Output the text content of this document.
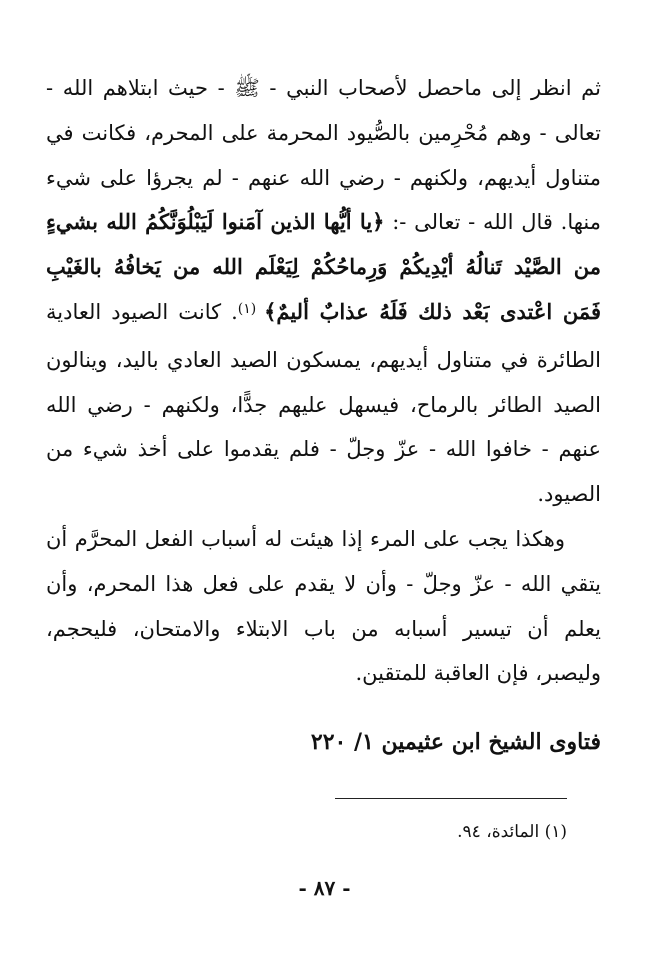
ثم انظر إلى ماحصل لأصحاب النبي - ﷺ - حيث ابتلاهم الله - تعالى - وهم مُحْرِمين بالصُّيود المحرمة على المحرم، فكانت في متناول أيديهم، ولكنهم - رضي الله عنهم - لم يجرؤا على شيء منها. قال الله - تعالى -: ﴿يا أيُّها الذين آمَنوا لَيَبْلُوَنَّكُمُ الله بشيءٍ من الصَّيْد تَنالُهُ أيْدِيكُمْ وَرِماحُكُمْ لِيَعْلَم الله من يَخافُهُ بالغَيْبِ فَمَن اعْتدى بَعْد ذلك فَلَهُ عذابٌ أليمٌ﴾ $^{(١)}$. كانت الصيود العادية الطائرة في متناول أيديهم، يمسكون الصيد العادي باليد، وينالون الصيد الطائر بالرماح، فيسهل عليهم جدًّا، ولكنهم - رضي الله عنهم - خافوا الله - عزّ وجلّ - فلم يقدموا على أخذ شيء من الصيود.

وهكذا يجب على المرء إذا هيئت له أسباب الفعل المحرَّم أن يتقي الله - عزّ وجلّ - وأن لا يقدم على فعل هذا المحرم، وأن يعلم أن تيسير أسبابه من باب الابتلاء والامتحان، فليحجم، وليصبر، فإن العاقبة للمتقين.

فتاوى الشيخ ابن عثيمين ١/ ٢٢٠

(١) المائدة، ٩٤.

- ٨٧ -
